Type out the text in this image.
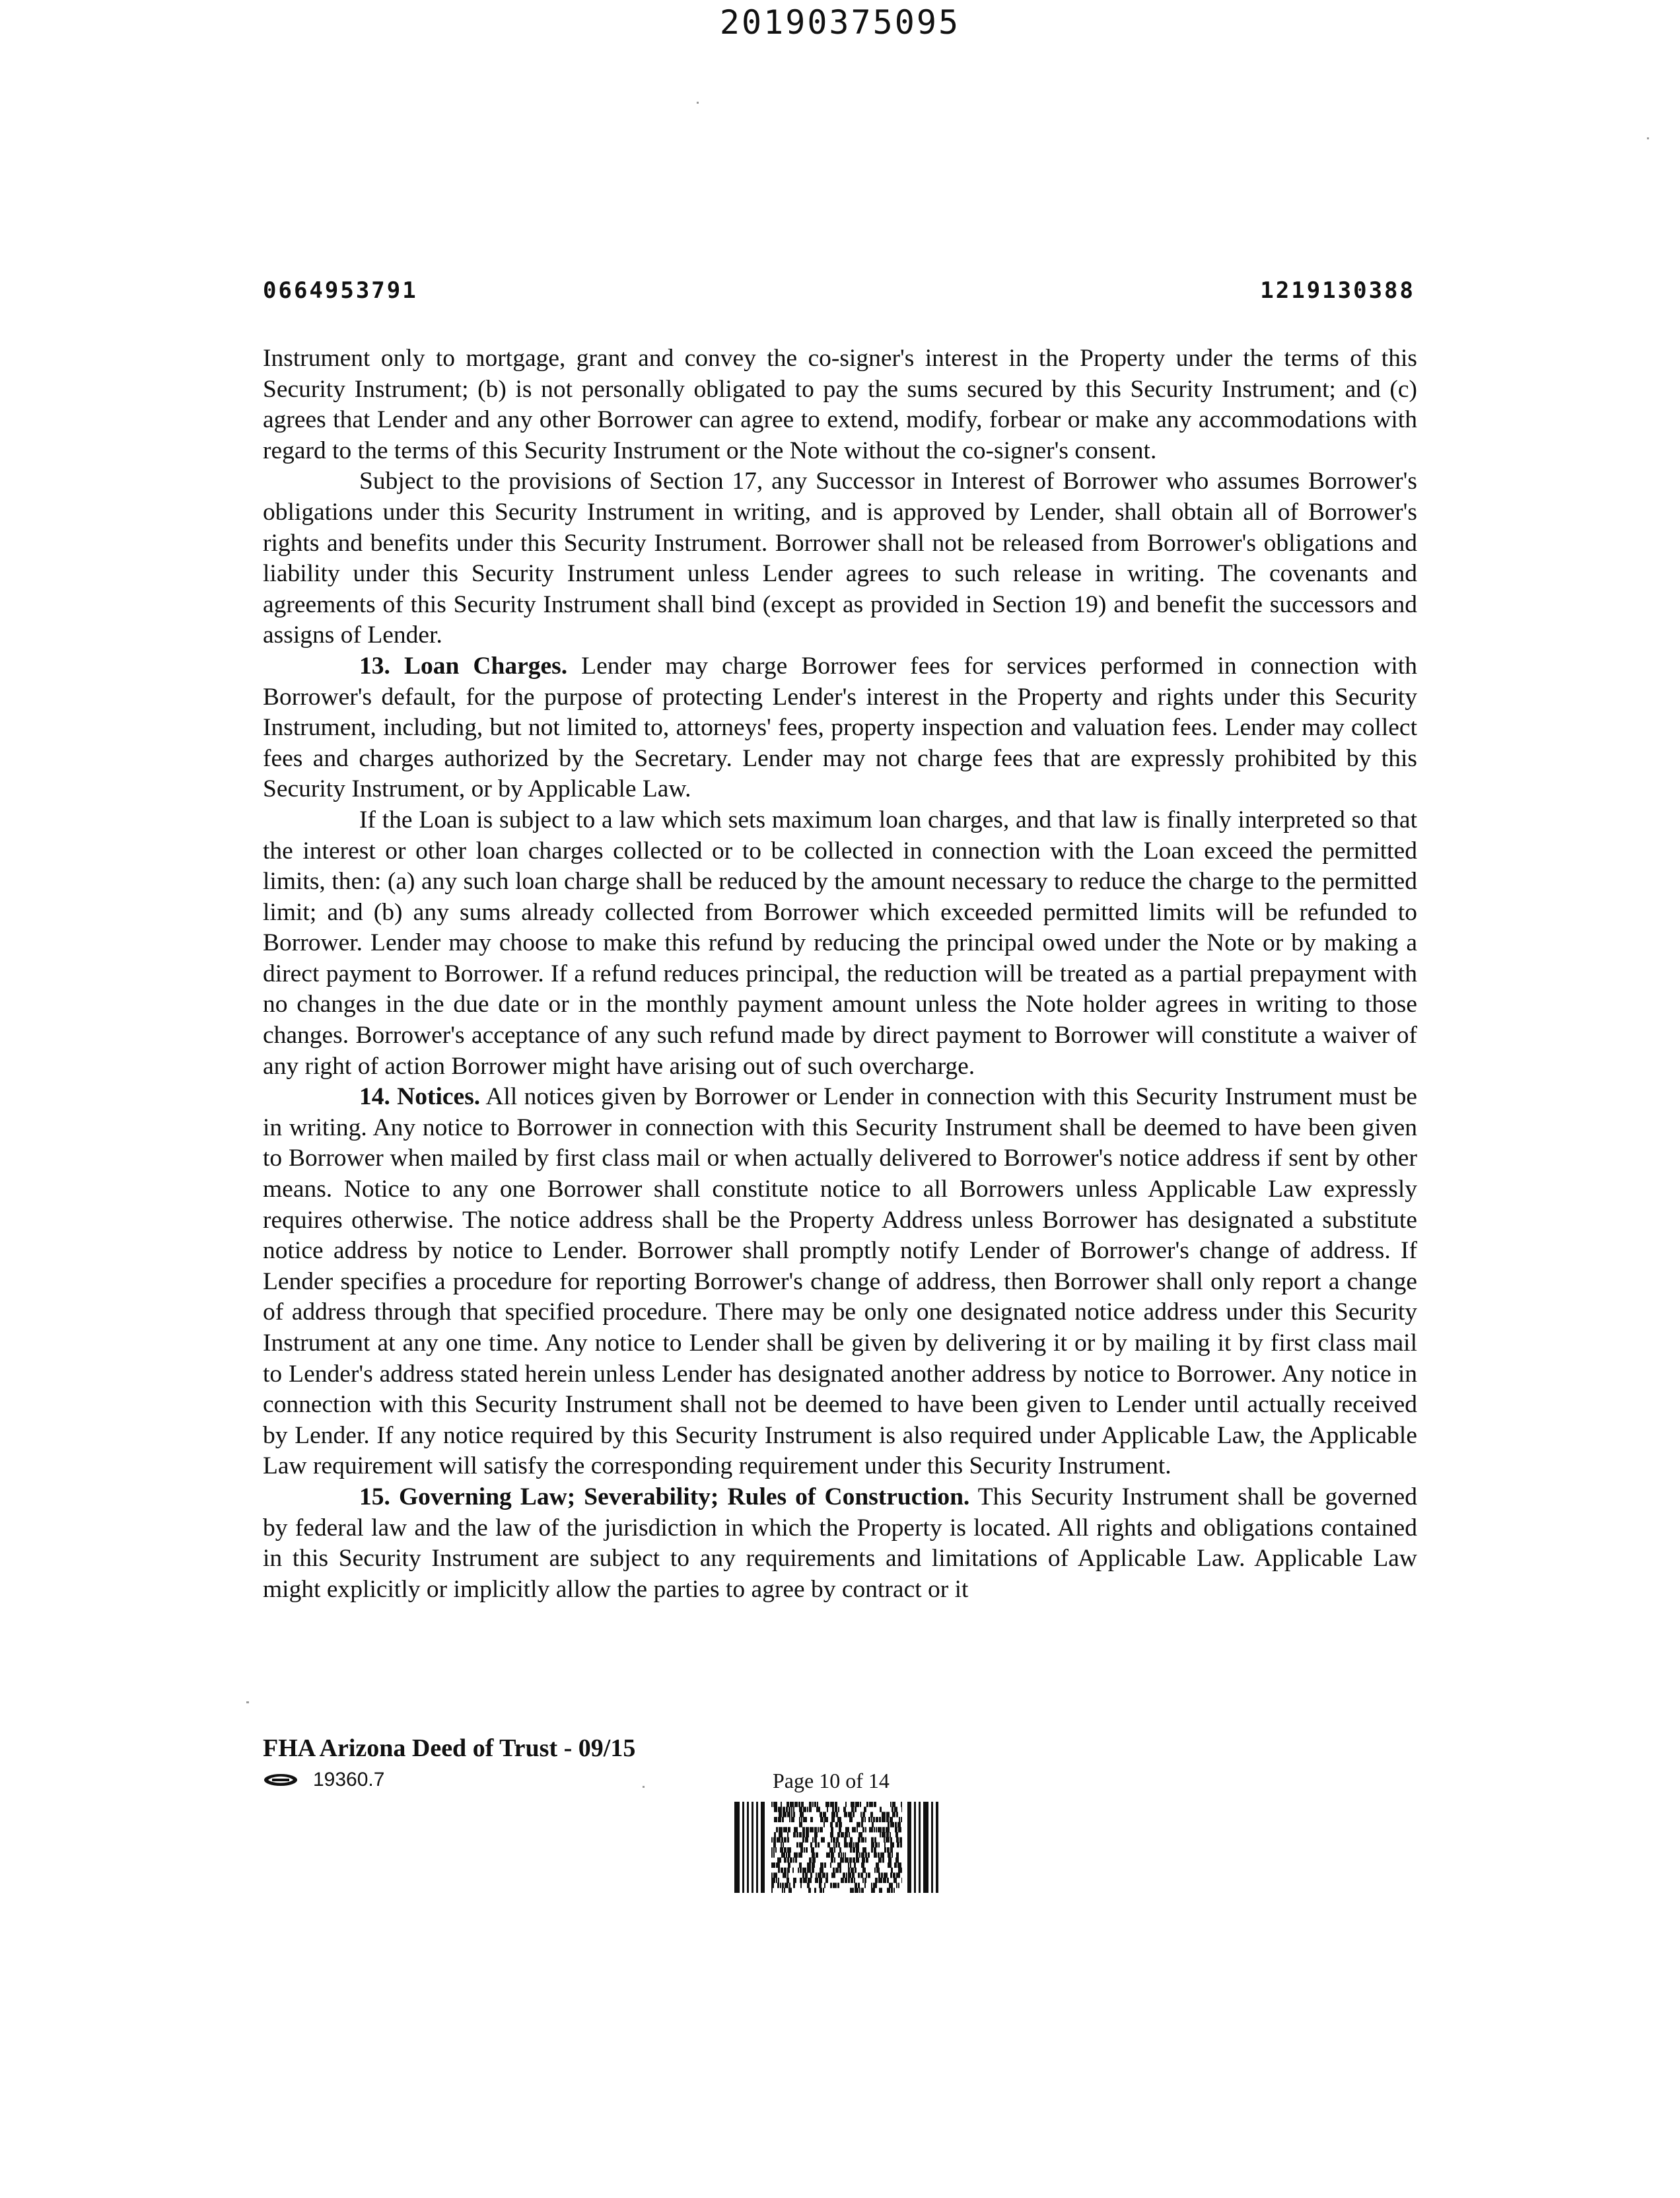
20190375095
0664953791	1219130388

Instrument only to mortgage, grant and convey the co-signer's interest in the Property under the terms of this Security Instrument; (b) is not personally obligated to pay the sums secured by this Security Instrument; and (c) agrees that Lender and any other Borrower can agree to extend, modify, forbear or make any accommodations with regard to the terms of this Security Instrument or the Note without the co-signer's consent.

Subject to the provisions of Section 17, any Successor in Interest of Borrower who assumes Borrower's obligations under this Security Instrument in writing, and is approved by Lender, shall obtain all of Borrower's rights and benefits under this Security Instrument. Borrower shall not be released from Borrower's obligations and liability under this Security Instrument unless Lender agrees to such release in writing. The covenants and agreements of this Security Instrument shall bind (except as provided in Section 19) and benefit the successors and assigns of Lender.

13. Loan Charges. Lender may charge Borrower fees for services performed in connection with Borrower's default, for the purpose of protecting Lender's interest in the Property and rights under this Security Instrument, including, but not limited to, attorneys' fees, property inspection and valuation fees. Lender may collect fees and charges authorized by the Secretary. Lender may not charge fees that are expressly prohibited by this Security Instrument, or by Applicable Law.

If the Loan is subject to a law which sets maximum loan charges, and that law is finally interpreted so that the interest or other loan charges collected or to be collected in connection with the Loan exceed the permitted limits, then: (a) any such loan charge shall be reduced by the amount necessary to reduce the charge to the permitted limit; and (b) any sums already collected from Borrower which exceeded permitted limits will be refunded to Borrower. Lender may choose to make this refund by reducing the principal owed under the Note or by making a direct payment to Borrower. If a refund reduces principal, the reduction will be treated as a partial prepayment with no changes in the due date or in the monthly payment amount unless the Note holder agrees in writing to those changes. Borrower's acceptance of any such refund made by direct payment to Borrower will constitute a waiver of any right of action Borrower might have arising out of such overcharge.

14. Notices. All notices given by Borrower or Lender in connection with this Security Instrument must be in writing. Any notice to Borrower in connection with this Security Instrument shall be deemed to have been given to Borrower when mailed by first class mail or when actually delivered to Borrower's notice address if sent by other means. Notice to any one Borrower shall constitute notice to all Borrowers unless Applicable Law expressly requires otherwise. The notice address shall be the Property Address unless Borrower has designated a substitute notice address by notice to Lender. Borrower shall promptly notify Lender of Borrower's change of address. If Lender specifies a procedure for reporting Borrower's change of address, then Borrower shall only report a change of address through that specified procedure. There may be only one designated notice address under this Security Instrument at any one time. Any notice to Lender shall be given by delivering it or by mailing it by first class mail to Lender's address stated herein unless Lender has designated another address by notice to Borrower. Any notice in connection with this Security Instrument shall not be deemed to have been given to Lender until actually received by Lender. If any notice required by this Security Instrument is also required under Applicable Law, the Applicable Law requirement will satisfy the corresponding requirement under this Security Instrument.

15. Governing Law; Severability; Rules of Construction. This Security Instrument shall be governed by federal law and the law of the jurisdiction in which the Property is located. All rights and obligations contained in this Security Instrument are subject to any requirements and limitations of Applicable Law. Applicable Law might explicitly or implicitly allow the parties to agree by contract or it

FHA Arizona Deed of Trust - 09/15
19360.7	Page 10 of 14
